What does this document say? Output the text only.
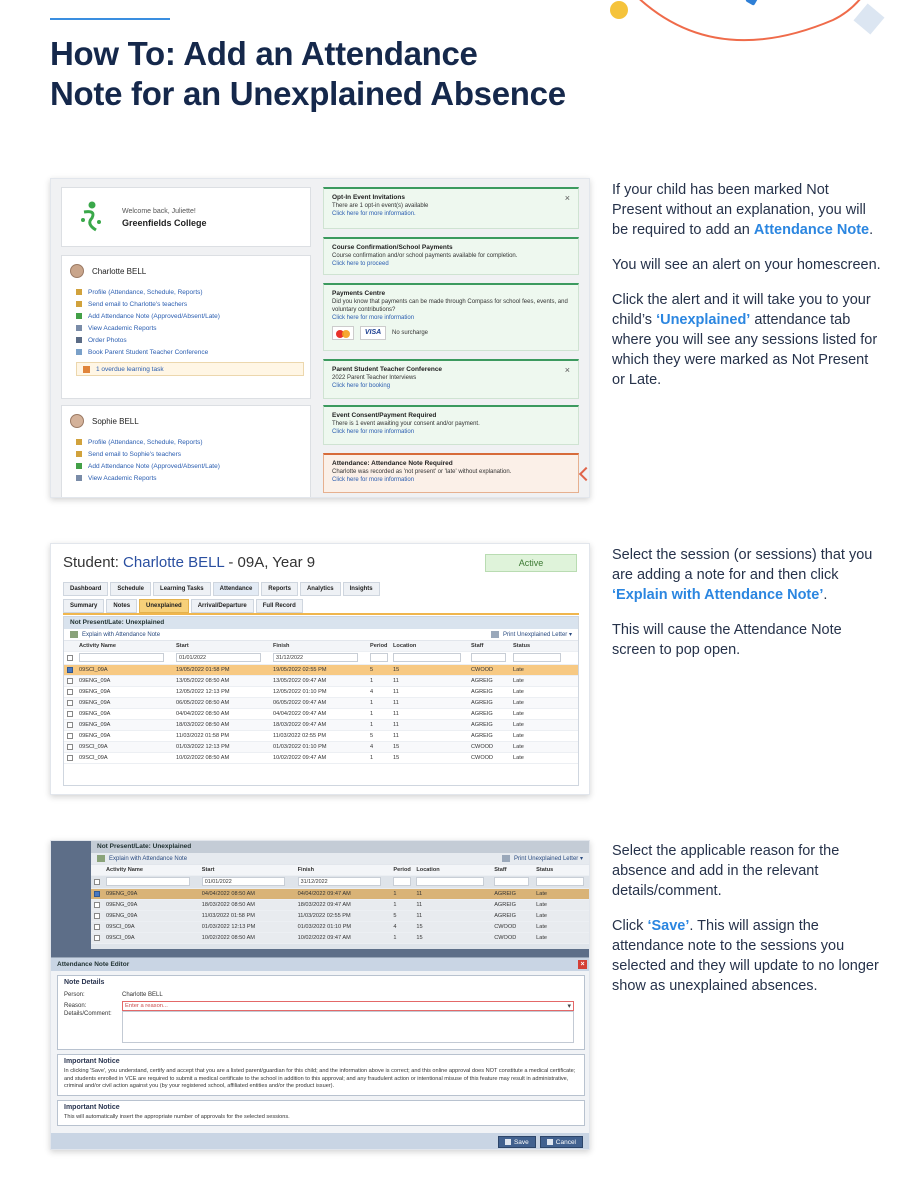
How To: Add an Attendance
Note for an Unexplained Absence
Welcome back, Juliette!
Greenfields College
Charlotte BELL
Profile (Attendance, Schedule, Reports)
Send email to Charlotte's teachers
Add Attendance Note (Approved/Absent/Late)
View Academic Reports
Order Photos
Book Parent Student Teacher Conference
1 overdue learning task
Sophie BELL
Profile (Attendance, Schedule, Reports)
Send email to Sophie's teachers
Add Attendance Note (Approved/Absent/Late)
View Academic Reports
Opt-In Event Invitations
There are 1 opt-in event(s) available
Click here for more information.
×
Course Confirmation/School Payments
Course confirmation and/or school payments available for completion.
Click here to proceed
Payments Centre
Did you know that payments can be made through Compass for school fees, events, and voluntary contributions?
Click here for more information
VISA	No surcharge
Parent Student Teacher Conference
2022 Parent Teacher Interviews
Click here for booking
×
Event Consent/Payment Required
There is 1 event awaiting your consent and/or payment.
Click here for more information
Attendance: Attendance Note Required
Charlotte was recorded as 'not present' or 'late' without explanation.
Click here for more information

If your child has been marked Not Present without an explanation, you will be required to add an Attendance Note.

You will see an alert on your homescreen.

Click the alert and it will take you to your child’s ‘Unexplained’ attendance tab where you will see any sessions listed for which they were marked as Not Present or Late.

Student: Charlotte BELL - 09A, Year 9	Active
Dashboard	Schedule	Learning Tasks	Attendance	Reports	Analytics	Insights
Summary	Notes	Unexplained	Arrival/Departure	Full Record
Not Present/Late: Unexplained
Explain with Attendance Note	Print Unexplained Letter ▾
Activity Name	Start	Finish	Period Location	Staff	Status
01/01/2022	31/12/2022
09SCI_09A	19/05/2022 01:58 PM	19/05/2022 02:55 PM	5	15	CWOOD	Late
09ENG_09A	13/05/2022 08:50 AM	13/05/2022 09:47 AM	1	11	AGREIG	Late
09ENG_09A	12/05/2022 12:13 PM	12/05/2022 01:10 PM	4	11	AGREIG	Late
09ENG_09A	06/05/2022 08:50 AM	06/05/2022 09:47 AM	1	11	AGREIG	Late
09ENG_09A	04/04/2022 08:50 AM	04/04/2022 09:47 AM	1	11	AGREIG	Late
09ENG_09A	18/03/2022 08:50 AM	18/03/2022 09:47 AM	1	11	AGREIG	Late
09ENG_09A	11/03/2022 01:58 PM	11/03/2022 02:55 PM	5	11	AGREIG	Late
09SCI_09A	01/03/2022 12:13 PM	01/03/2022 01:10 PM	4	15	CWOOD	Late
09SCI_09A	10/02/2022 08:50 AM	10/02/2022 09:47 AM	1	15	CWOOD	Late

Select the session (or sessions) that you are adding a note for and then click ‘Explain with Attendance Note’.

This will cause the Attendance Note screen to pop open.

Not Present/Late: Unexplained
Explain with Attendance Note	Print Unexplained Letter ▾
Activity Name	Start	Finish	Period Location	Staff	Status
01/01/2022	31/12/2022
09ENG_09A	04/04/2022 08:50 AM	04/04/2022 09:47 AM	1	11	AGREIG	Late
09ENG_09A	18/03/2022 08:50 AM	18/03/2022 09:47 AM	1	11	AGREIG	Late
09ENG_09A	11/03/2022 01:58 PM	11/03/2022 02:55 PM	5	11	AGREIG	Late
09SCI_09A	01/03/2022 12:13 PM	01/03/2022 01:10 PM	4	15	CWOOD	Late
09SCI_09A	10/02/2022 08:50 AM	10/02/2022 09:47 AM	1	15	CWOOD	Late
Attendance Note Editor	×
Note Details
Person:	Charlotte BELL
Reason:	Enter a reason... ▾
Details/Comment:
Important Notice
In clicking 'Save', you understand, certify and accept that you are a listed parent/guardian for this child; and the information above is correct; and this online approval does NOT constitute a medical certificate; and students enrolled in VCE are required to submit a medical certificate to the school in addition to this approval; and any fraudulent action or intentional misuse of this feature may result in administrative, criminal and/or civil action against you (by your registered school, affiliated entities and/or the product issuer).
Important Notice
This will automatically insert the appropriate number of approvals for the selected sessions.
Save	Cancel

Select the applicable reason for the absence and add in the relevant details/comment.

Click ‘Save’. This will assign the attendance note to the sessions you selected and they will update to no longer show as unexplained absences.
